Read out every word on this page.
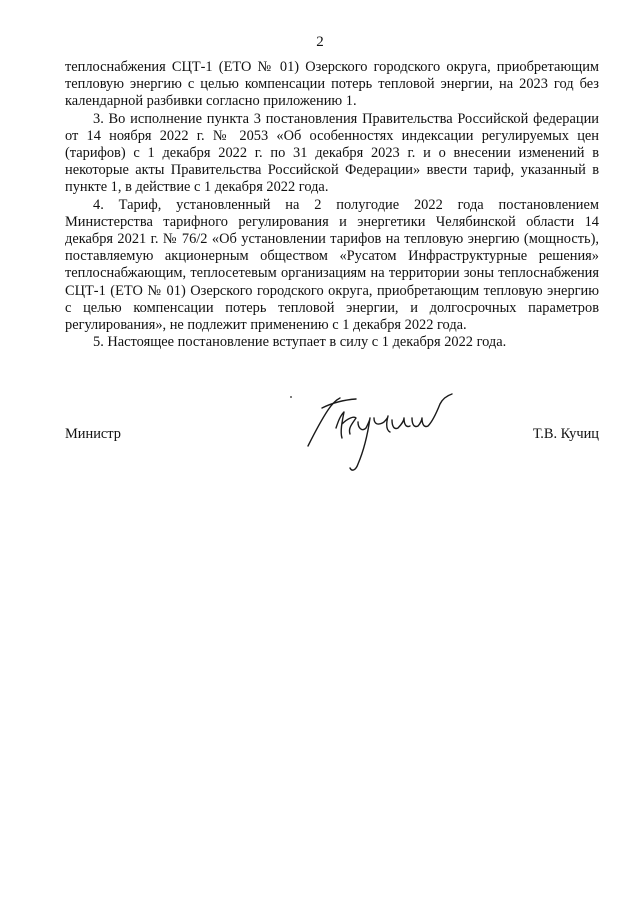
2

теплоснабжения СЦТ-1 (ЕТО № 01) Озерского городского округа, приобретающим тепловую энергию с целью компенсации потерь тепловой энергии, на 2023 год без календарной разбивки согласно приложению 1.

3. Во исполнение пункта 3 постановления Правительства Российской федерации от 14 ноября 2022 г. № 2053 «Об особенностях индексации регулируемых цен (тарифов) с 1 декабря 2022 г. по 31 декабря 2023 г. и о внесении изменений в некоторые акты Правительства Российской Федерации» ввести тариф, указанный в пункте 1, в действие с 1 декабря 2022 года.

4. Тариф, установленный на 2 полугодие 2022 года постановлением Министерства тарифного регулирования и энергетики Челябинской области 14 декабря 2021 г. № 76/2 «Об установлении тарифов на тепловую энергию (мощность), поставляемую акционерным обществом «Русатом Инфраструктурные решения» теплоснабжающим, теплосетевым организациям на территории зоны теплоснабжения СЦТ-1 (ЕТО № 01) Озерского городского округа, приобретающим тепловую энергию с целью компенсации потерь тепловой энергии, и долгосрочных параметров регулирования», не подлежит применению с 1 декабря 2022 года.

5. Настоящее постановление вступает в силу с 1 декабря 2022 года.

Министр	Т.В. Кучиц
